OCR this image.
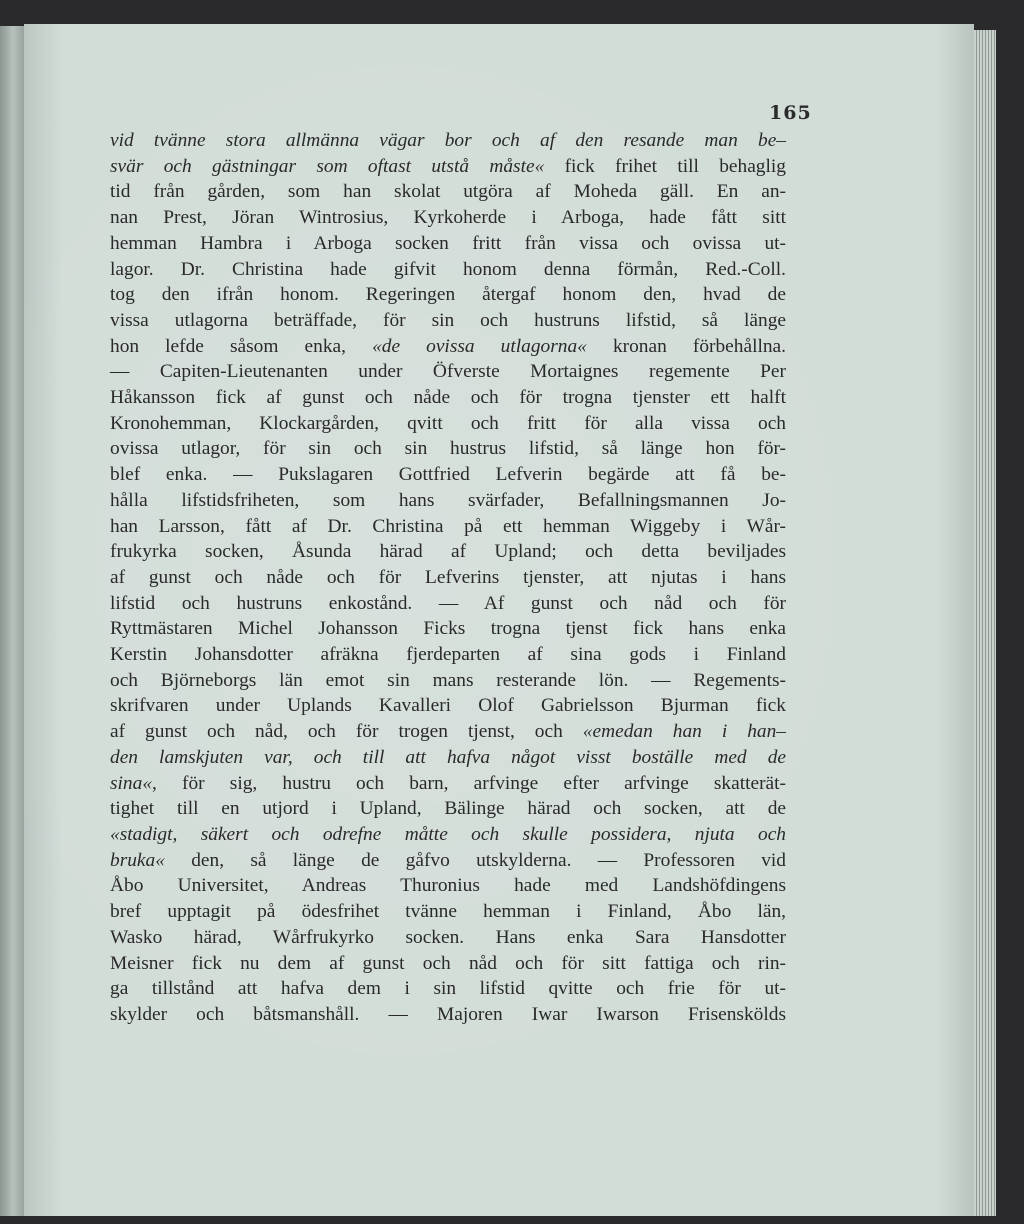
165
vid tvänne stora allmänna vägar bor och af den resande man be–
svär och gästningar som oftast utstå måste« fick frihet till behaglig
tid från gården, som han skolat utgöra af Moheda gäll. En an-
nan Prest, Jöran Wintrosius, Kyrkoherde i Arboga, hade fått sitt
hemman Hambra i Arboga socken fritt från vissa och ovissa ut-
lagor. Dr. Christina hade gifvit honom denna förmån, Red.-Coll.
tog den ifrån honom. Regeringen återgaf honom den, hvad de
vissa utlagorna beträffade, för sin och hustruns lifstid, så länge
hon lefde såsom enka, «de ovissa utlagorna« kronan förbehållna.
— Capiten-Lieutenanten under Öfverste Mortaignes regemente Per
Håkansson fick af gunst och nåde och för trogna tjenster ett halft
Kronohemman, Klockargården, qvitt och fritt för alla vissa och
ovissa utlagor, för sin och sin hustrus lifstid, så länge hon för-
blef enka. — Pukslagaren Gottfried Lefverin begärde att få be-
hålla lifstidsfriheten, som hans svärfader, Befallningsmannen Jo-
han Larsson, fått af Dr. Christina på ett hemman Wiggeby i Wår-
frukyrka socken, Åsunda härad af Upland; och detta beviljades
af gunst och nåde och för Lefverins tjenster, att njutas i hans
lifstid och hustruns enkostånd. — Af gunst och nåd och för
Ryttmästaren Michel Johansson Ficks trogna tjenst fick hans enka
Kerstin Johansdotter afräkna fjerdeparten af sina gods i Finland
och Björneborgs län emot sin mans resterande lön. — Regements-
skrifvaren under Uplands Kavalleri Olof Gabrielsson Bjurman fick
af gunst och nåd, och för trogen tjenst, och «emedan han i han–
den lamskjuten var, och till att hafva något visst boställe med de
sina«, för sig, hustru och barn, arfvinge efter arfvinge skatterät-
tighet till en utjord i Upland, Bälinge härad och socken, att de
«stadigt, säkert och odrefne måtte och skulle possidera, njuta och
bruka« den, så länge de gåfvo utskylderna. — Professoren vid
Åbo Universitet, Andreas Thuronius hade med Landshöfdingens
bref upptagit på ödesfrihet tvänne hemman i Finland, Åbo län,
Wasko härad, Wårfrukyrko socken. Hans enka Sara Hansdotter
Meisner fick nu dem af gunst och nåd och för sitt fattiga och rin-
ga tillstånd att hafva dem i sin lifstid qvitte och frie för ut-
skylder och båtsmanshåll. — Majoren Iwar Iwarson Frisenskölds
